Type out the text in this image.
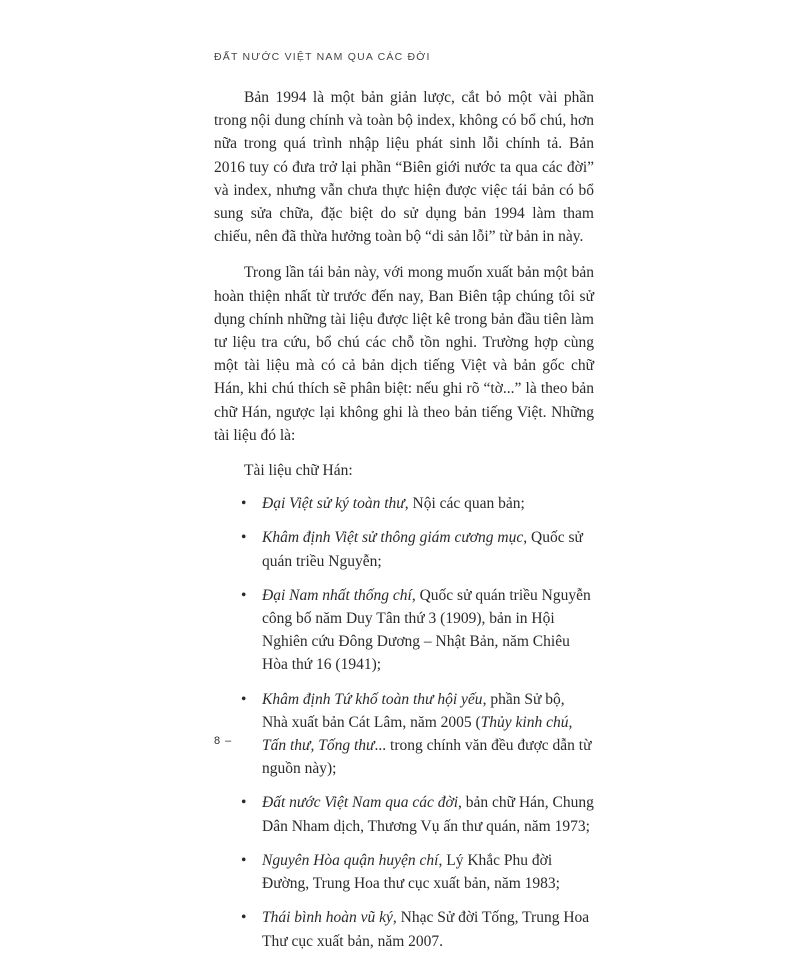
ĐẤT NƯỚC VIỆT NAM QUA CÁC ĐỜI

Bản 1994 là một bản giản lược, cắt bỏ một vài phần trong nội dung chính và toàn bộ index, không có bổ chú, hơn nữa trong quá trình nhập liệu phát sinh lỗi chính tả. Bản 2016 tuy có đưa trở lại phần “Biên giới nước ta qua các đời” và index, nhưng vẫn chưa thực hiện được việc tái bản có bổ sung sửa chữa, đặc biệt do sử dụng bản 1994 làm tham chiếu, nên đã thừa hưởng toàn bộ “di sản lỗi” từ bản in này.

Trong lần tái bản này, với mong muốn xuất bản một bản hoàn thiện nhất từ trước đến nay, Ban Biên tập chúng tôi sử dụng chính những tài liệu được liệt kê trong bản đầu tiên làm tư liệu tra cứu, bổ chú các chỗ tồn nghi. Trường hợp cùng một tài liệu mà có cả bản dịch tiếng Việt và bản gốc chữ Hán, khi chú thích sẽ phân biệt: nếu ghi rõ “tờ...” là theo bản chữ Hán, ngược lại không ghi là theo bản tiếng Việt. Những tài liệu đó là:

Tài liệu chữ Hán:
• Đại Việt sử ký toàn thư, Nội các quan bản;
• Khâm định Việt sử thông giám cương mục, Quốc sử quán triều Nguyễn;
• Đại Nam nhất thống chí, Quốc sử quán triều Nguyễn công bố năm Duy Tân thứ 3 (1909), bản in Hội Nghiên cứu Đông Dương – Nhật Bản, năm Chiêu Hòa thứ 16 (1941);
• Khâm định Tứ khố toàn thư hội yếu, phần Sử bộ, Nhà xuất bản Cát Lâm, năm 2005 (Thủy kinh chú, Tấn thư, Tống thư... trong chính văn đều được dẫn từ nguồn này);
• Đất nước Việt Nam qua các đời, bản chữ Hán, Chung Dân Nham dịch, Thương Vụ ấn thư quán, năm 1973;
• Nguyên Hòa quận huyện chí, Lý Khắc Phu đời Đường, Trung Hoa thư cục xuất bản, năm 1983;
• Thái bình hoàn vũ ký, Nhạc Sử đời Tống, Trung Hoa Thư cục xuất bản, năm 2007.
8 –
